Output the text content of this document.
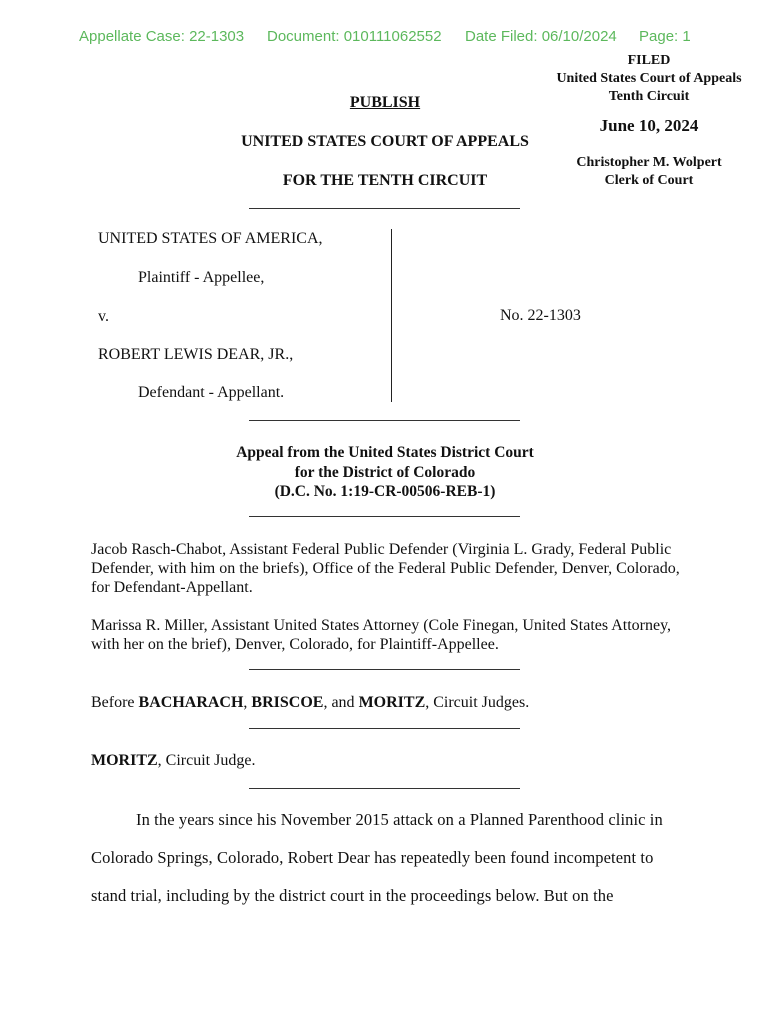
Appellate Case: 22-1303 Document: 010111062552 Date Filed: 06/10/2024 Page: 1
FILED
United States Court of Appeals
Tenth Circuit
June 10, 2024
Christopher M. Wolpert
Clerk of Court
PUBLISH
UNITED STATES COURT OF APPEALS
FOR THE TENTH CIRCUIT
UNITED STATES OF AMERICA,
Plaintiff - Appellee,
v.
ROBERT LEWIS DEAR, JR.,
Defendant - Appellant.
No. 22-1303
Appeal from the United States District Court
for the District of Colorado
(D.C. No. 1:19-CR-00506-REB-1)
Jacob Rasch-Chabot, Assistant Federal Public Defender (Virginia L. Grady, Federal Public Defender, with him on the briefs), Office of the Federal Public Defender, Denver, Colorado, for Defendant-Appellant.
Marissa R. Miller, Assistant United States Attorney (Cole Finegan, United States Attorney, with her on the brief), Denver, Colorado, for Plaintiff-Appellee.
Before BACHARACH, BRISCOE, and MORITZ, Circuit Judges.
MORITZ, Circuit Judge.
In the years since his November 2015 attack on a Planned Parenthood clinic in
Colorado Springs, Colorado, Robert Dear has repeatedly been found incompetent to
stand trial, including by the district court in the proceedings below. But on the
